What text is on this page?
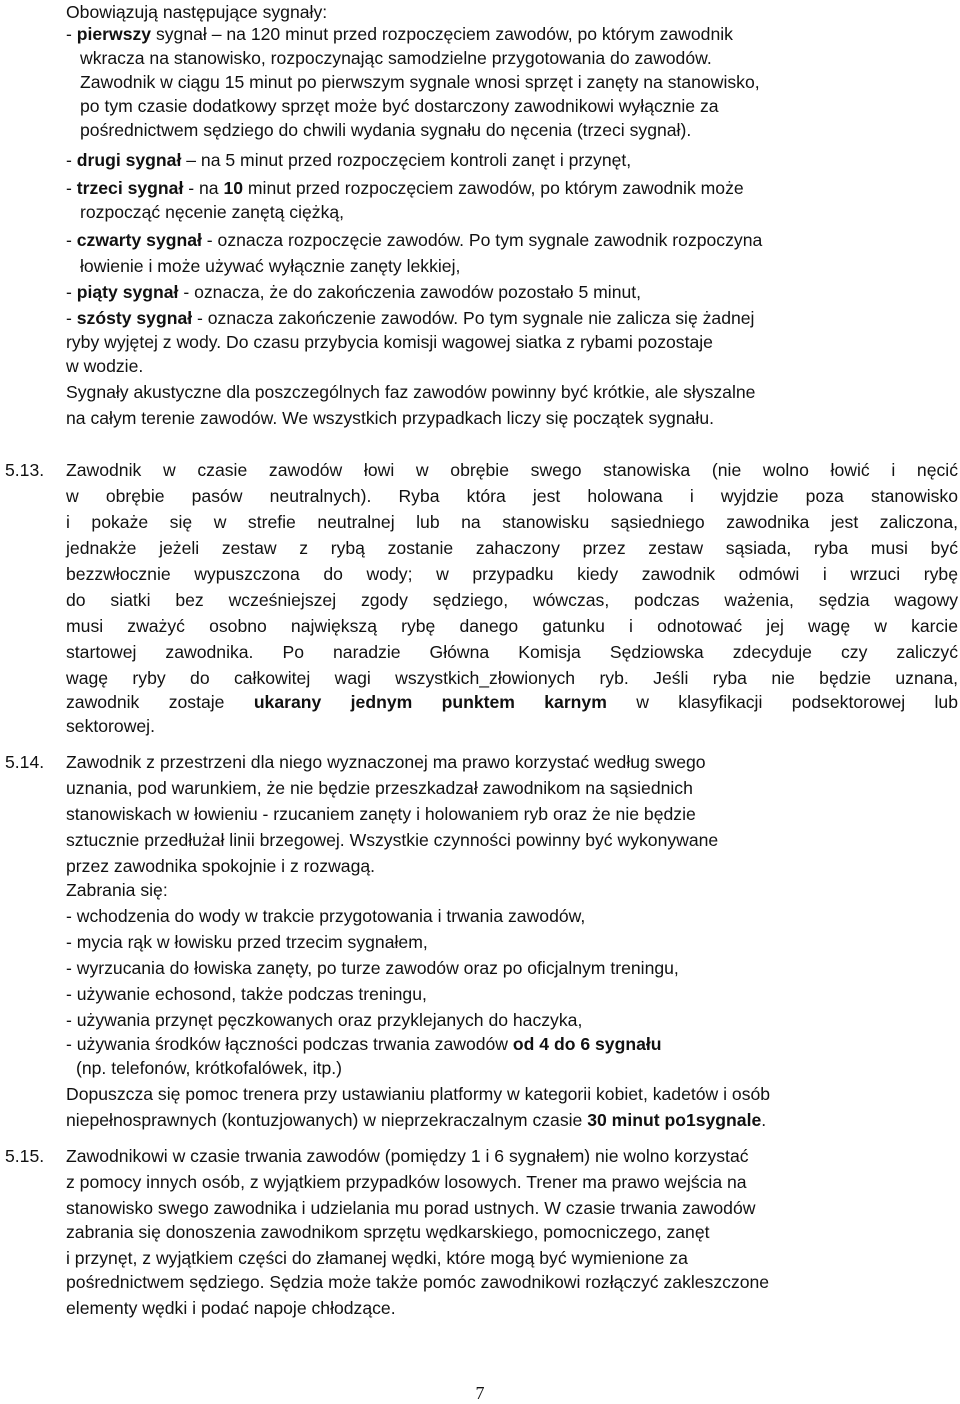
Obowiązują następujące sygnały:

- pierwszy sygnał – na 120 minut przed rozpoczęciem zawodów, po którym zawodnik

wkracza na stanowisko, rozpoczynając samodzielne przygotowania do zawodów.

Zawodnik w ciągu 15 minut po pierwszym sygnale wnosi sprzęt i zanęty na stanowisko,

po tym czasie dodatkowy sprzęt może być dostarczony zawodnikowi wyłącznie za

pośrednictwem sędziego do chwili wydania sygnału do nęcenia (trzeci sygnał).

- drugi sygnał – na 5 minut przed rozpoczęciem kontroli zanęt i przynęt,

- trzeci sygnał - na 10 minut przed rozpoczęciem zawodów, po którym zawodnik może

rozpocząć nęcenie zanętą ciężką,

- czwarty sygnał - oznacza rozpoczęcie zawodów. Po tym sygnale zawodnik rozpoczyna

łowienie i może używać wyłącznie zanęty lekkiej,

- piąty sygnał - oznacza, że do zakończenia zawodów pozostało 5 minut,

- szósty sygnał - oznacza zakończenie zawodów. Po tym sygnale nie zalicza się żadnej

ryby wyjętej z wody. Do czasu przybycia komisji wagowej siatka z rybami pozostaje

w wodzie.

Sygnały akustyczne dla poszczególnych faz zawodów powinny być krótkie, ale słyszalne

na całym terenie zawodów. We wszystkich przypadkach liczy się początek sygnału.

5.13. Zawodnik w czasie zawodów łowi w obrębie swego stanowiska (nie wolno łowić i nęcić

w obrębie pasów neutralnych). Ryba która jest holowana i wyjdzie poza stanowisko

i pokaże się w strefie neutralnej lub na stanowisku sąsiedniego zawodnika jest zaliczona,

jednakże jeżeli zestaw z rybą zostanie zahaczony przez zestaw sąsiada, ryba musi być

bezzwłocznie wypuszczona do wody; w przypadku kiedy zawodnik odmówi i wrzuci rybę

do siatki bez wcześniejszej zgody sędziego, wówczas, podczas ważenia, sędzia wagowy

musi zważyć osobno największą rybę danego gatunku i odnotować jej wagę w karcie

startowej zawodnika. Po naradzie Główna Komisja Sędziowska zdecyduje czy zaliczyć

wagę ryby do całkowitej wagi wszystkich_złowionych ryb. Jeśli ryba nie będzie uznana,

zawodnik zostaje ukarany jednym punktem karnym w klasyfikacji podsektorowej lub

sektorowej.

5.14. Zawodnik z przestrzeni dla niego wyznaczonej ma prawo korzystać według swego

uznania, pod warunkiem, że nie będzie przeszkadzał zawodnikom na sąsiednich

stanowiskach w łowieniu - rzucaniem zanęty i holowaniem ryb oraz że nie będzie

sztucznie przedłużał linii brzegowej. Wszystkie czynności powinny być wykonywane

przez zawodnika spokojnie i z rozwagą.

Zabrania się:

- wchodzenia do wody w trakcie przygotowania i trwania zawodów,

- mycia rąk w łowisku przed trzecim sygnałem,

- wyrzucania do łowiska zanęty, po turze zawodów oraz po oficjalnym treningu,

- używanie echosond, także podczas treningu,

- używania przynęt pęczkowanych oraz przyklejanych do haczyka,

- używania środków łączności podczas trwania zawodów od 4 do 6 sygnału

(np. telefonów, krótkofalówek, itp.)

Dopuszcza się pomoc trenera przy ustawianiu platformy w kategorii kobiet, kadetów i osób

niepełnosprawnych (kontuzjowanych) w nieprzekraczalnym czasie 30 minut po1sygnale.

5.15. Zawodnikowi w czasie trwania zawodów (pomiędzy 1 i 6 sygnałem) nie wolno korzystać

z pomocy innych osób, z wyjątkiem przypadków losowych. Trener ma prawo wejścia na

stanowisko swego zawodnika i udzielania mu porad ustnych. W czasie trwania zawodów

zabrania się donoszenia zawodnikom sprzętu wędkarskiego, pomocniczego, zanęt

i przynęt, z wyjątkiem części do złamanej wędki, które mogą być wymienione za

pośrednictwem sędziego. Sędzia może także pomóc zawodnikowi rozłączyć zakleszczone

elementy wędki i podać napoje chłodzące.

7
